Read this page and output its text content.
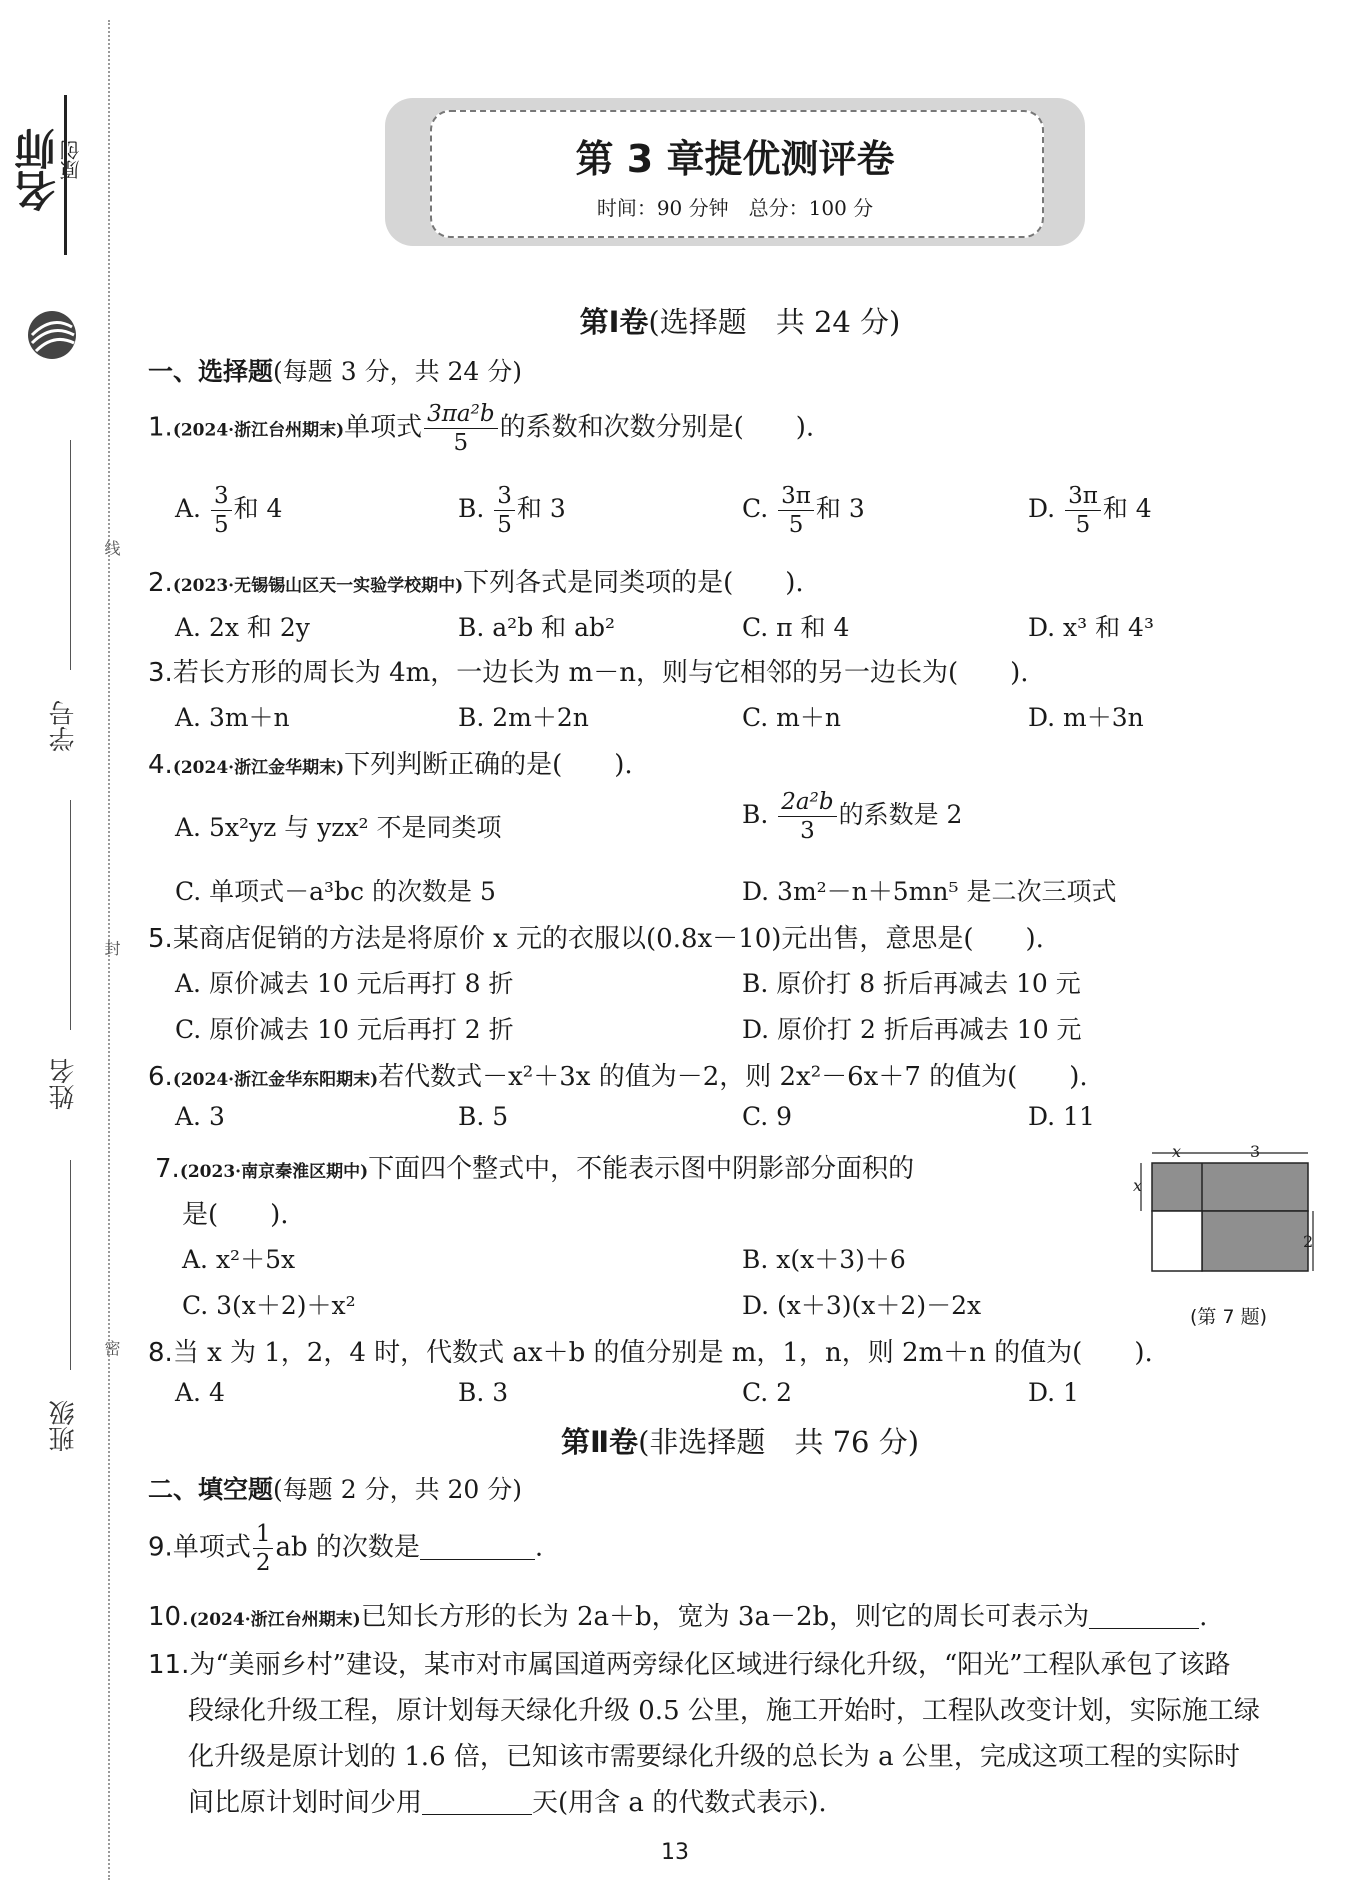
名师
原创
学号
姓名
班级
线
封
密
第 3 章提优测评卷
时间：90 分钟　总分：100 分
第Ⅰ卷(选择题　共 24 分)
一、选择题(每题 3 分，共 24 分)
1.(2024·浙江台州期末)单项式 $\frac{\text{3πa²b}}{5}$ 的系数和次数分别是(　　).
A. $\frac{3}{5}$ 和 4	B. $\frac{3}{5}$ 和 3	C. $\frac{3\pi}{5}$ 和 3	D. $\frac{3\pi}{5}$ 和 4
2.(2023·无锡锡山区天一实验学校期中)下列各式是同类项的是(　　).
A. 2x 和 2y	B. a²b 和 ab²	C. π 和 4	D. x³ 和 4³
3.若长方形的周长为 4m，一边长为 m－n，则与它相邻的另一边长为(　　).
A. 3m＋n	B. 2m＋2n	C. m＋n	D. m＋3n
4.(2024·浙江金华期末)下列判断正确的是(　　).
A. 5x²yz 与 yzx² 不是同类项	B. $\frac{\text{2a²b}}{3}$ 的系数是 2
C. 单项式－a³bc 的次数是 5	D. 3m²－n＋5mn⁵ 是二次三项式
5.某商店促销的方法是将原价 x 元的衣服以(0.8x－10)元出售，意思是(　　).
A. 原价减去 10 元后再打 8 折	B. 原价打 8 折后再减去 10 元
C. 原价减去 10 元后再打 2 折	D. 原价打 2 折后再减去 10 元
6.(2024·浙江金华东阳期末)若代数式－x²＋3x 的值为－2，则 2x²－6x＋7 的值为(　　).
A. 3	B. 5	C. 9	D. 11
7.(2023·南京秦淮区期中)下面四个整式中，不能表示图中阴影部分面积的
是(　　).
A. x²＋5x	B. x(x＋3)＋6
C. 3(x＋2)＋x²	D. (x＋3)(x＋2)－2x
x	3
x
2
(第 7 题)
8.当 x 为 1，2，4 时，代数式 ax＋b 的值分别是 m，1，n，则 2m＋n 的值为(　　).
A. 4	B. 3	C. 2	D. 1
第Ⅱ卷(非选择题　共 76 分)
二、填空题(每题 2 分，共 20 分)
9.单项式 $\frac{1}{2}$ ab 的次数是	.
10.(2024·浙江台州期末)已知长方形的长为 2a＋b，宽为 3a－2b，则它的周长可表示为	.
11.为“美丽乡村”建设，某市对市属国道两旁绿化区域进行绿化升级，“阳光”工程队承包了该路
段绿化升级工程，原计划每天绿化升级 0.5 公里，施工开始时，工程队改变计划，实际施工绿
化升级是原计划的 1.6 倍，已知该市需要绿化升级的总长为 a 公里，完成这项工程的实际时
间比原计划时间少用	天(用含 a 的代数式表示).
13
